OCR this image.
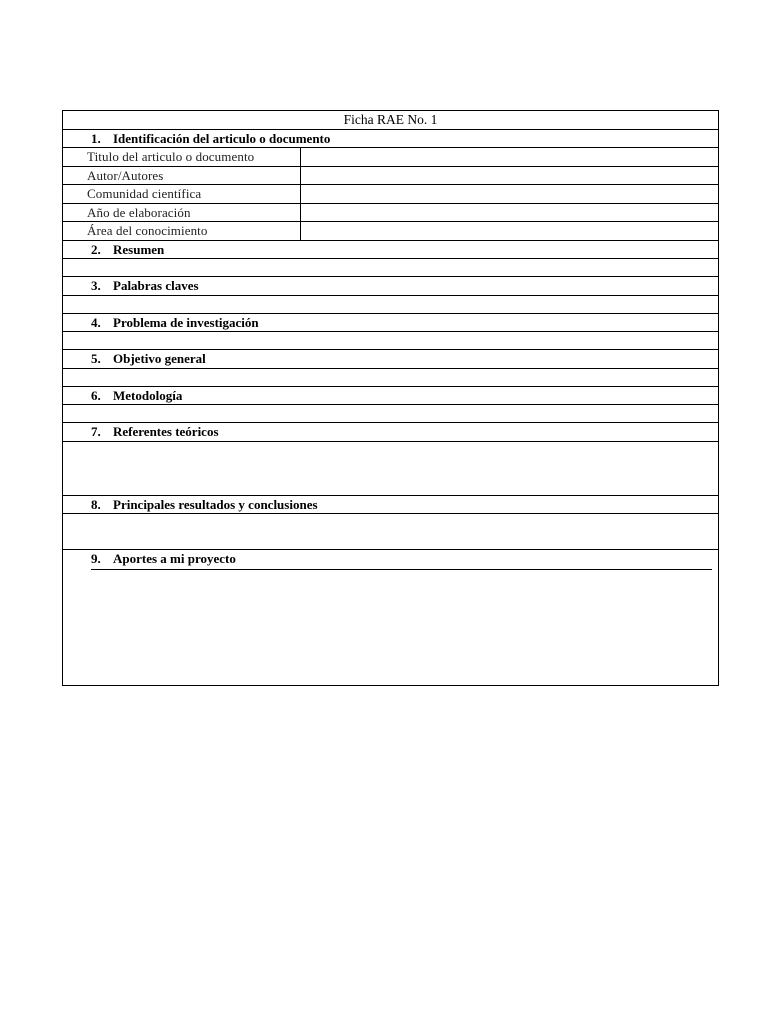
Ficha RAE No. 1
1. Identificación del articulo o documento
Titulo del articulo o documento
Autor/Autores
Comunidad científica
Año de elaboración
Área del conocimiento
2. Resumen
3. Palabras claves
4. Problema de investigación
5. Objetivo general
6. Metodología
7. Referentes teóricos
8. Principales resultados y conclusiones
9. Aportes a mi proyecto
